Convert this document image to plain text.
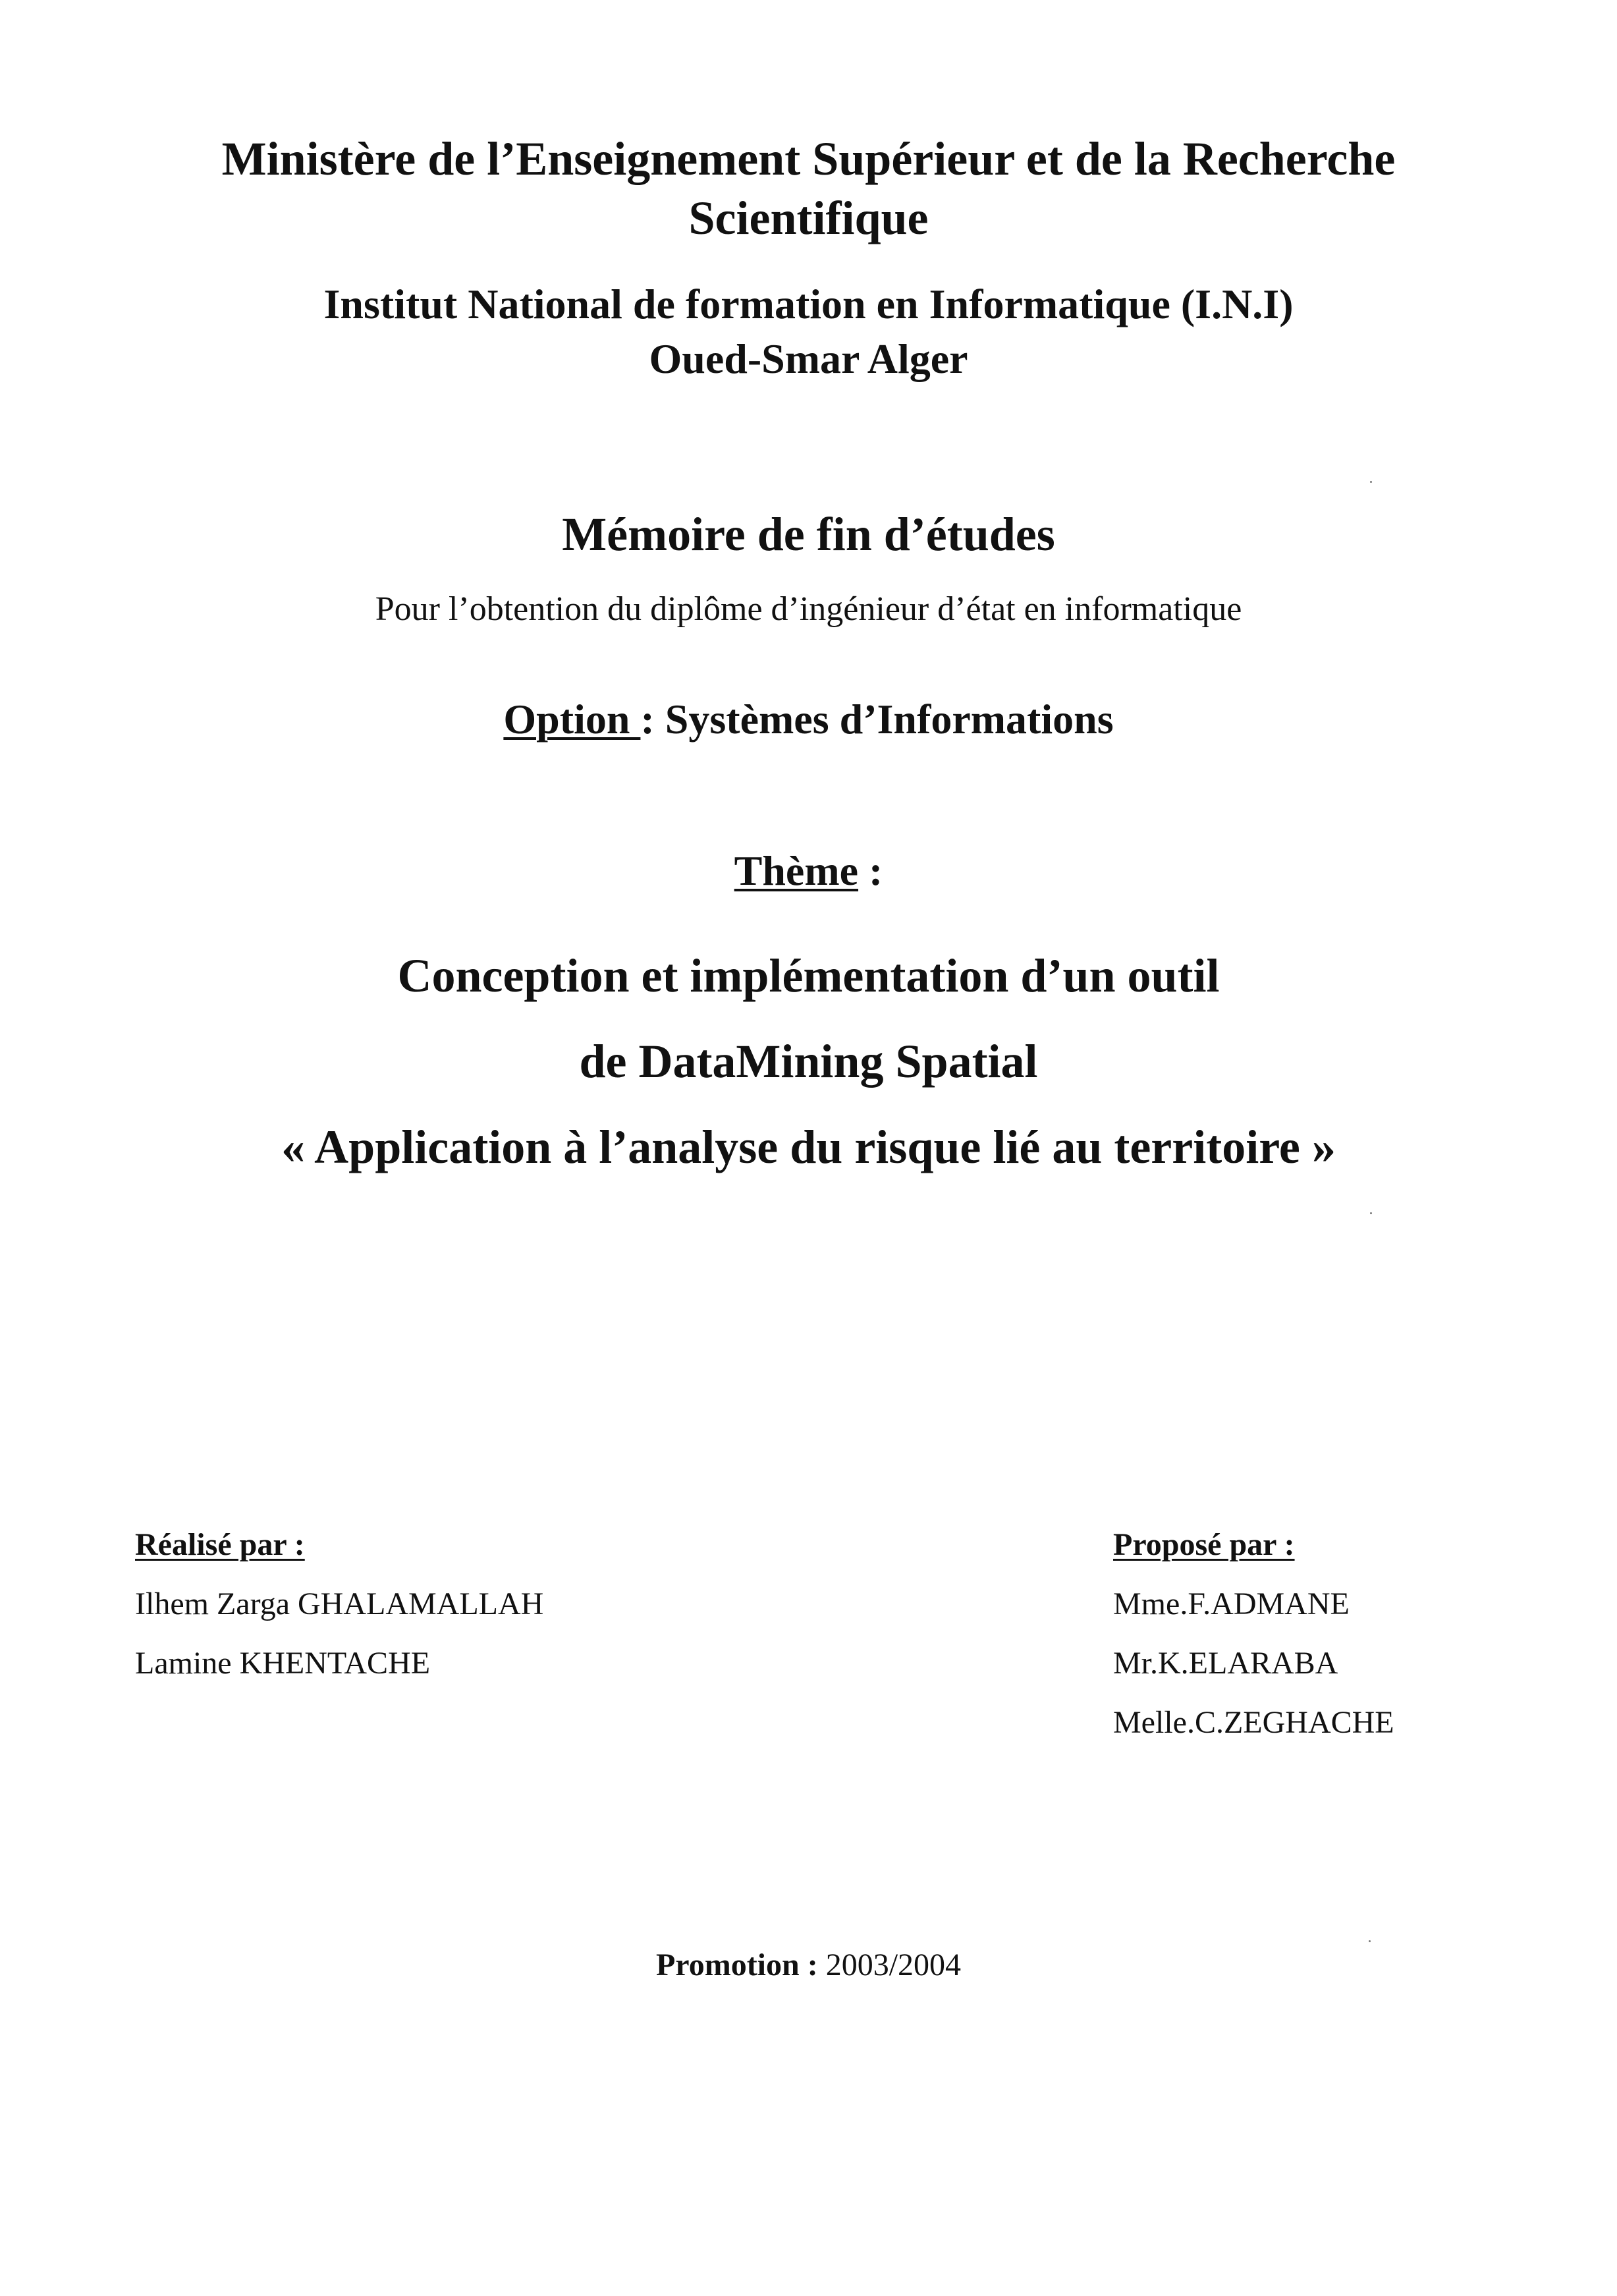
Ministère de l’Enseignement Supérieur et de la Recherche
Scientifique
Institut National de formation en Informatique (I.N.I)
Oued-Smar Alger
Mémoire de fin d’études
Pour l’obtention du diplôme d’ingénieur d’état en informatique
Option : Systèmes d’Informations
Thème :
Conception et implémentation d’un outil
de DataMining Spatial
« Application à l’analyse du risque lié au territoire »
Réalisé par :
Ilhem Zarga GHALAMALLAH
Lamine KHENTACHE
Proposé par :
Mme.F.ADMANE
Mr.K.ELARABA
Melle.C.ZEGHACHE
Promotion : 2003/2004
